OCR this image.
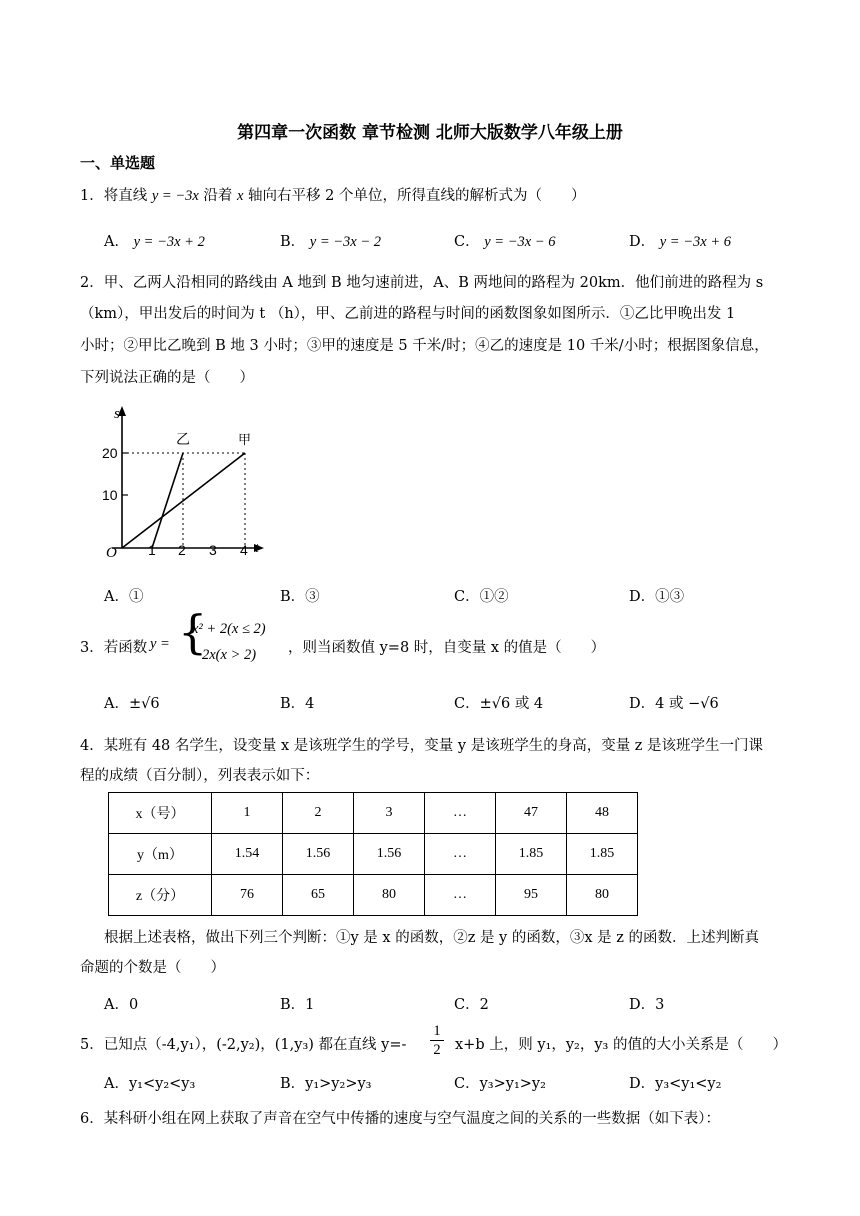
第四章一次函数 章节检测 北师大版数学八年级上册
一、单选题
1．将直线 y = −3x 沿着 x 轴向右平移 2 个单位，所得直线的解析式为（　　）
A． y = −3x + 2	B． y = −3x − 2	C． y = −3x − 6	D． y = −3x + 6
2．甲、乙两人沿相同的路线由 A 地到 B 地匀速前进，A、B 两地间的路程为 20km．他们前进的路程为 s
（km），甲出发后的时间为 t （h），甲、乙前进的路程与时间的函数图象如图所示．①乙比甲晚出发 1
小时；②甲比乙晚到 B 地 3 小时；③甲的速度是 5 千米/时；④乙的速度是 10 千米/小时；根据图象信息，
下列说法正确的是（　　）
s
t
O
20
10
1 2 3 4
乙	甲
A．①	B．③	C．①②	D．①③
3．若函数 y = {
x² + 2(x ≤ 2)
2x(x > 2) ，则当函数值 y=8 时，自变量 x 的值是（　　）
A．±√6	B．4	C．±√6 或 4	D．4 或 −√6
4．某班有 48 名学生，设变量 x 是该班学生的学号，变量 y 是该班学生的身高，变量 z 是该班学生一门课
程的成绩（百分制），列表表示如下：
x（号）	1	2	3	…	47	48
y（m）	1.54	1.56	1.56	…	1.85	1.85
z（分）	76	65	80	…	95	80
根据上述表格，做出下列三个判断：①y 是 x 的函数，②z 是 y 的函数，③x 是 z 的函数．上述判断真
命题的个数是（　　）
A．0	B．1	C．2	D．3
5．已知点（-4,y₁），(-2,y₂)，(1,y₃) 都在直线 $y=- \frac{1}{2} x+b$ 上，则 y₁，y₂，y₃ 的值的大小关系是（　　）
A．y₁<y₂<y₃	B．y₁>y₂>y₃	C．y₃>y₁>y₂	D．y₃<y₁<y₂
6．某科研小组在网上获取了声音在空气中传播的速度与空气温度之间的关系的一些数据（如下表）：
